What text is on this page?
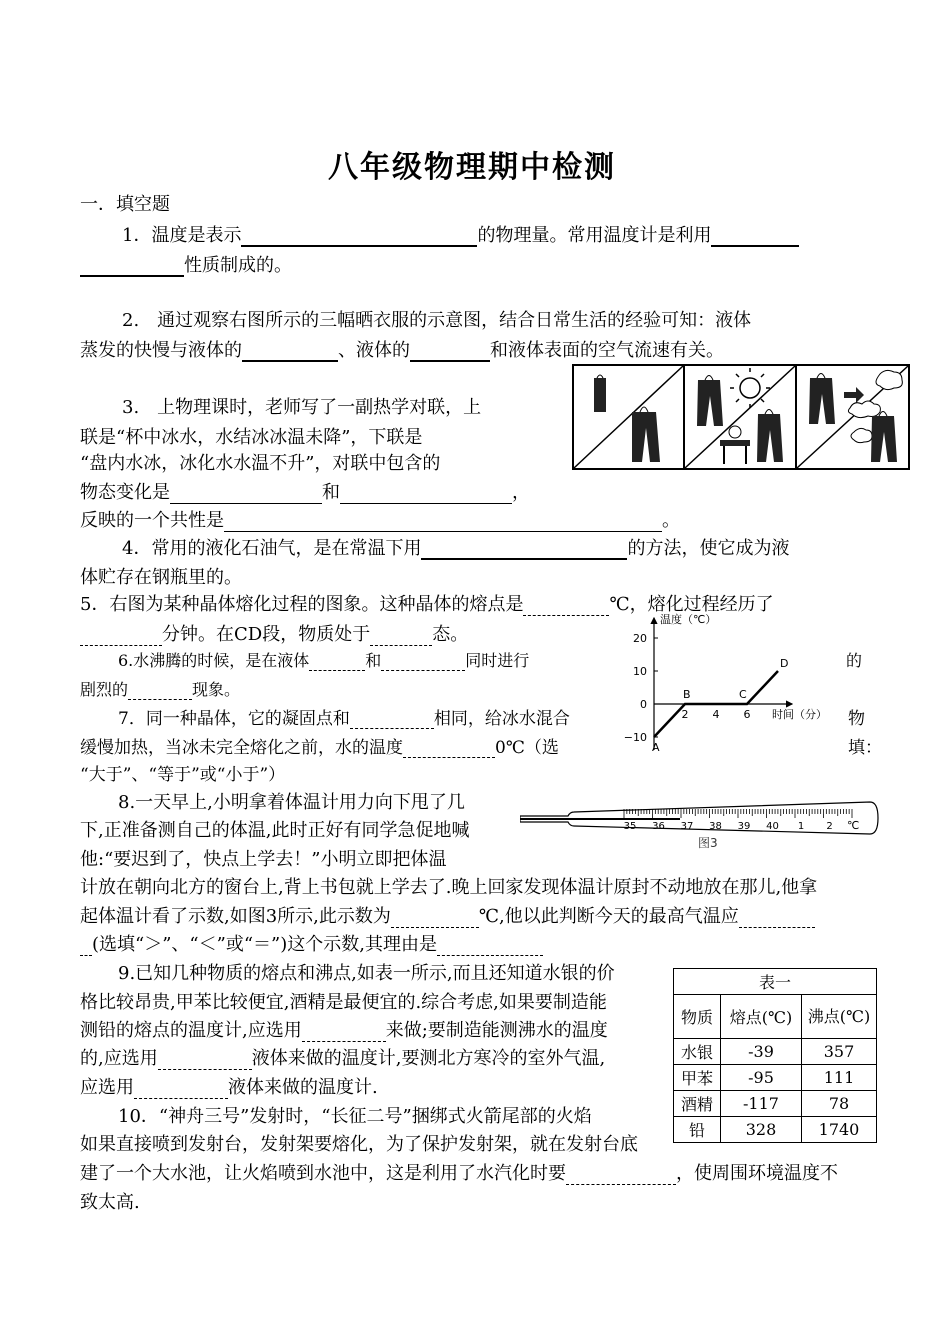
八年级物理期中检测
一．填空题
1．温度是表示	的物理量。常用温度计是利用
性质制成的。
2.　通过观察右图所示的三幅晒衣服的示意图，结合日常生活的经验可知：液体
蒸发的快慢与液体的	、液体的	和液体表面的空气流速有关。
3.　上物理课时，老师写了一副热学对联，上
联是“杯中冰水，水结冰冰温未降”，下联是
“盘内水冰，冰化水水温不升”，对联中包含的
物态变化是	和	，
反映的一个共性是	。
4．常用的液化石油气，是在常温下用	的方法，使它成为液
体贮存在钢瓶里的。
5．右图为某种晶体熔化过程的图象。这种晶体的熔点是	℃，熔化过程经历了
分钟。在CD段，物质处于	态。
温度（℃）
时间（分）
20
10
0
−10
2 4 6
A
B	C
D
6.水沸腾的时候，是在液体	和	同时进行	的
剧烈的	现象。
7．同一种晶体，它的凝固点和	相同，给冰水混合	物
缓慢加热，当冰未完全熔化之前，水的温度	0℃（选	填：
“大于”、“等于”或“小于”）
8.一天早上,小明拿着体温计用力向下甩了几
下,正准备测自己的体温,此时正好有同学急促地喊
他:“要迟到了，快点上学去！”小明立即把体温
35 36 37 38 39 40 1 2 ℃
图3
计放在朝向北方的窗台上,背上书包就上学去了.晚上回家发现体温计原封不动地放在那儿,他拿
起体温计看了示数,如图3所示,此示数为	℃,他以此判断今天的最高气温应
(选填“＞”、“＜”或“＝”)这个示数,其理由是
9.已知几种物质的熔点和沸点,如表一所示,而且还知道水银的价
格比较昂贵,甲苯比较便宜,酒精是最便宜的.综合考虑,如果要制造能
测铅的熔点的温度计,应选用	来做;要制造能测沸水的温度
的,应选用	液体来做的温度计,要测北方寒冷的室外气温,
应选用	液体来做的温度计.
表一		
物质	熔点(℃)	沸点(℃)
水银	-39	357
甲苯	-95	111
酒精	-117	78
铅	328	1740
10．“神舟三号”发射时，“长征二号”捆绑式火箭尾部的火焰
如果直接喷到发射台，发射架要熔化，为了保护发射架，就在发射台底
建了一个大水池，让火焰喷到水池中，这是利用了水汽化时要	，使周围环境温度不
致太高.
